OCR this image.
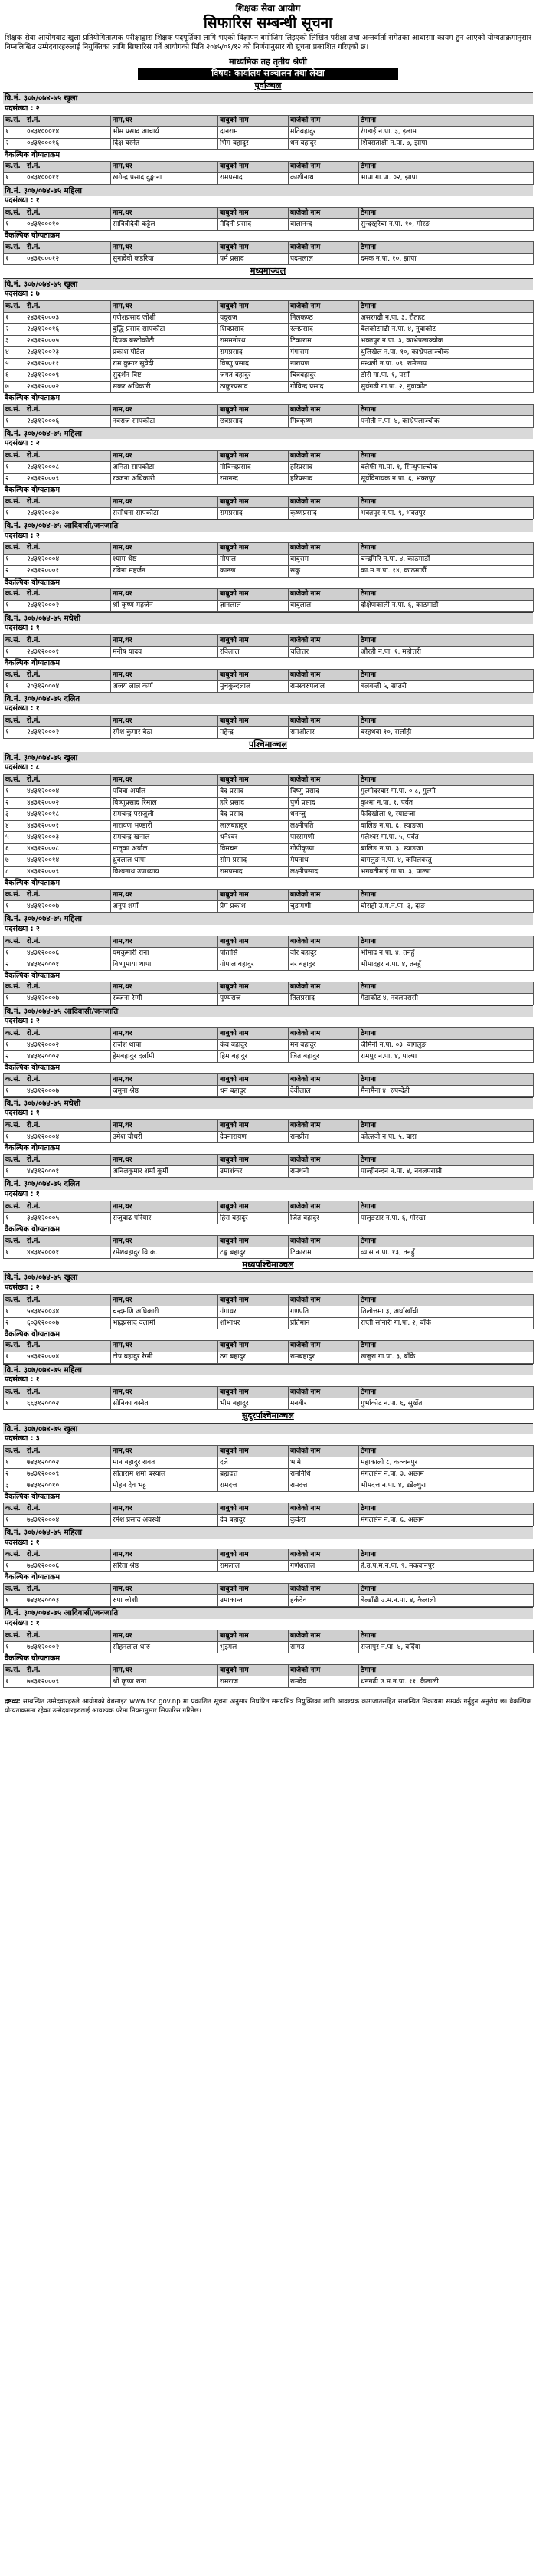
शिक्षक सेवा आयोग
सिफारिस सम्बन्धी सूचना
शिक्षक सेवा आयोगबाट खुला प्रतियोगितात्मक परीक्षाद्वारा शिक्षक पदपूर्तिका लागि भएको विज्ञापन बमोजिम लिइएको लिखित परीक्षा तथा अन्तर्वार्ता समेतका आधारमा कायम हुन आएको योग्यताक्रमानुसार निम्नलिखित उम्मेदवारहरुलाई नियुक्तिका लागि सिफारिस गर्ने आयोगको मिति २०७५/०१/१२ को निर्णयानुसार यो सूचना प्रकाशित गरिएको छ।
माध्यमिक तह तृतीय श्रेणी
विषय: कार्यालय सञ्चालन तथा लेखा
पूर्वाञ्चल
वि.नं. ३०७/०७४-७५ खुला
पदसंख्या : २
क.सं.	रो.नं.	नाम,थर	बाबुको नाम	बाजेको नाम	ठेगाना
१	०४३१०००१४	भीम प्रसाद आचार्य	दानराम	मतिबहादुर	रंगडाई न.पा. ३, इलाम
२	०४३१०००१६	दिक्ष बस्नेत	भिम बहादुर	धन बहादुर	शिवसताक्षी न.पा. ७, झापा
वैकल्पिक योग्यताक्रम
क.सं.	रो.नं.	नाम,थर	बाबुको नाम	बाजेको नाम	ठेगाना
१	०४३१०००११	खगेन्द्र प्रसाद दुङ्गाना	रामप्रसाद	काशीनाथ	भापा गा.पा. ०२, झापा
वि.नं. ३०७/०७४-७५ महिला
पदसंख्या : १
क.सं.	रो.नं.	नाम,थर	बाबुको नाम	बाजेको नाम	ठेगाना
१	०४३१०००१०	सावित्रीदेवी कट्टेल	मेदिनी प्रसाद	बालानन्द	सुन्दरहरैचा न.पा. १०, मोरङ
वैकल्पिक योग्यताक्रम
क.सं.	रो.नं.	नाम,थर	बाबुको नाम	बाजेको नाम	ठेगाना
१	०४३१०००१२	सुनादेवी कडरिया	पर्म प्रसाद	पदमलाल	दमक न.पा. १०, झापा
मध्यमाञ्चल
वि.नं. ३०७/०७४-७५ खुला
पदसंख्या : ७
क.सं.	रो.नं.	नाम,थर	बाबुको नाम	बाजेको नाम	ठेगाना
१	२४३१२०००३	गणेशप्रसाद जोशी	यदुराज	निलकण्ठ	असरगढी न.पा. ३, रौतहट
२	२४३१२००१६	बुद्धि प्रसाद सापकोटा	शिवप्रसाद	रत्नप्रसाद	बेलकोटगढी न.पा. ४, नुवाकोट
३	२४३१२०००५	दिपक बस्तोकोटी	राममनोरथ	टिकाराम	भक्तपुर न.पा. ३, काभ्रेपलाञ्चोक
४	२४३१२००२३	प्रकाश पौडेल	रामप्रसाद	गंगाराम	धुलिखेल न.पा. १०, काभ्रेपलाञ्चोक
५	२४३१२००११	राम कुमार सुवेदी	विष्णु प्रसाद	नारायण	मन्थली न.पा. ०९, रामेछाप
६	२४३१२०००९	सुदर्शन विष्ट	जगत बहादुर	चित्रबहादुर	ठोरी गा.पा. १, पर्सा
७	२४३१२०००२	सकर अधिकारी	ठाकुरप्रसाद	गोविन्द प्रसाद	सुर्यगढी गा.पा. २, नुवाकोट
वैकल्पिक योग्यताक्रम
क.सं.	रो.नं.	नाम,थर	बाबुको नाम	बाजेको नाम	ठेगाना
१	२४३१२०००६	नवराज सापकोटा	छत्रप्रसाद	मित्रकृष्ण	पनौती न.पा. ४, काभ्रेपलाञ्चोक
वि.नं. ३०७/०७४-७५ महिला
पदसंख्या : २
क.सं.	रो.नं.	नाम,थर	बाबुको नाम	बाजेको नाम	ठेगाना
१	२४३१२०००८	अनिता सापकोटा	गोविन्दप्रसाद	हरिप्रसाद	बलेफी गा.पा. १, सिन्धुपाल्चोक
२	२४३१२०००९	रञ्जना अधिकारी	रमानन्द	हरिप्रसाद	सूर्यविनायक न.पा. ६, भक्तपुर
वैकल्पिक योग्यताक्रम
क.सं.	रो.नं.	नाम,थर	बाबुको नाम	बाजेको नाम	ठेगाना
१	२४३१२००३०	ससोधना सापकोटा	रामप्रसाद	कृष्णप्रसाद	भक्तपुर न.पा. ९, भक्तपुर
वि.नं. ३०७/०७४-७५ आदिवासी/जनजाति
पदसंख्या : २
क.सं.	रो.नं.	नाम,थर	बाबुको नाम	बाजेको नाम	ठेगाना
१	२४३१२०००४	श्याम श्रेष्ठ	गोपाल	बाबुराम	चन्द्रगिरि न.पा. ४, काठमाडौं
२	२४३१२०००१	रविना महर्जन	कान्छा	सकु	का.म.न.पा. १४, काठमाडौं
वैकल्पिक योग्यताक्रम
क.सं.	रो.नं.	नाम,थर	बाबुको नाम	बाजेको नाम	ठेगाना
१	२४३१२०००२	श्री कृष्ण महर्जन	ज्ञानलाल	बाबुलाल	दक्षिणकाली न.पा. ६, काठमाडौं
वि.नं. ३०७/०७४-७५ मधेशी
पदसंख्या : १
क.सं.	रो.नं.	नाम,थर	बाबुको नाम	बाजेको नाम	ठेगाना
१	२४३१२०००१	मनीष यादव	रविलाल	चलित्तर	औरही न.पा. १, महोत्तरी
वैकल्पिक योग्यताक्रम
क.सं.	रो.नं.	नाम,थर	बाबुको नाम	बाजेको नाम	ठेगाना
१	२०३१२०००४	अजय लाल कर्ण	मुचकुन्दलाल	रामस्वरुपलाल	बलबन्ती ५, सप्तरी
वि.नं. ३०७/०७४-७५ दलित
पदसंख्या : १
क.सं.	रो.नं.	नाम,थर	बाबुको नाम	बाजेको नाम	ठेगाना
१	२४३१२०००२	रमेश कुमार बैठा	महेन्द्र	रामऔतार	बरहथवा १०, सर्लाही
पश्चिमाञ्चल
वि.नं. ३०७/०७४-७५ खुला
पदसंख्या : ८
क.सं.	रो.नं.	नाम,थर	बाबुको नाम	बाजेको नाम	ठेगाना
१	४४३१२०००४	पवित्रा अर्याल	बेद प्रसाद	विष्णु प्रसाद	गुल्मीदरबार गा.पा. ० ८, गुल्मी
२	४४३१२०००२	विष्णुप्रसाद रिमाल	हरि प्रसाद	पुर्ण प्रसाद	कुश्मा न.पा. १, पर्वत
३	४४३१२००१८	रामचन्द्र पराजुली	वेद प्रसाद	धनन्जु	फेदिखोला १, स्याङजा
४	४४३१२०००१	नारायण भण्डारी	लालबहादुर	लक्ष्मीपति	वालिङ न.पा. ६, स्याङजा
५	४४३१२०००३	रामचन्द्र खनाल	धनेश्वर	पारसमणी	गलेश्वर गा.पा. ५, पर्वत
६	४४३१२०००८	मातृका अर्याल	विमचन	गोपीकृष्ण	बालिङ न.पा. ३, स्याङजा
७	४४३१२००१४	ध्रुवलाल थापा	सोम प्रसाद	मेघनाथ	बागलुङ न.पा. ४, कपिलवस्तु
८	४४३१२०००९	विश्वनाथ उपाध्याय	रामप्रसाद	लक्ष्मीप्रसाद	भगवतीमाई गा.पा. ३, पाल्पा
वैकल्पिक योग्यताक्रम
क.सं.	रो.नं.	नाम,थर	बाबुको नाम	बाजेको नाम	ठेगाना
१	४४३१२०००७	अनुप शर्मा	प्रेम प्रकाश	चुडामणी	घोराही उ.म.न.पा. ३, दाङ
वि.नं. ३०७/०७४-७५ महिला
पदसंख्या : २
क.सं.	रो.नं.	नाम,थर	बाबुको नाम	बाजेको नाम	ठेगाना
१	४४३१२०००६	यमकुमारी राना	पोतासिं	वीर बहादुर	भीमाद न.पा. ४, तनहुँ
२	४४३१२०००१	विष्णुमाया थापा	गोपाल बहादुर	नर बहादुर	भीमादहर न.पा. ४, तनहुँ
वैकल्पिक योग्यताक्रम
क.सं.	रो.नं.	नाम,थर	बाबुको नाम	बाजेको नाम	ठेगाना
१	४४३१२०००७	रञ्जना रेग्मी	पुण्यराज	तिलप्रसाद	गैडाकोट ४, नवलपरासी
वि.नं. ३०७/०७४-७५ आदिवासी/जनजाति
पदसंख्या : २
क.सं.	रो.नं.	नाम,थर	बाबुको नाम	बाजेको नाम	ठेगाना
१	४४३१२०००२	राजेश थापा	कंब बहादुर	मन बहादुर	जैमिनी न.पा. ०३, बागलुङ
२	४४३१२०००२	हेमबहादुर दर्लामी	हिम बहादुर	जित बहादुर	रामपुर न.पा. ४, पाल्पा
वैकल्पिक योग्यताक्रम
क.सं.	रो.नं.	नाम,थर	बाबुको नाम	बाजेको नाम	ठेगाना
१	४४३१२०००७	जमुना श्रेष्ठ	धन बहादुर	देवीलाल	मैनामैना ४, रुपन्देही
वि.नं. ३०७/०७४-७५ मधेशी
पदसंख्या : १
क.सं.	रो.नं.	नाम,थर	बाबुको नाम	बाजेको नाम	ठेगाना
१	४४३१२०००४	उमेश चौधरी	देवनारायण	रामप्रीत	कोल्हवी न.पा. ५, बारा
वैकल्पिक योग्यताक्रम
क.सं.	रो.नं.	नाम,थर	बाबुको नाम	बाजेको नाम	ठेगाना
१	४४३१२०००१	अनिलकुमार शर्मा कुर्मी	उमाशंकर	रामधनी	पाल्हीनन्दन न.पा. ४, नवलपरासी
वि.नं. ३०७/०७४-७५ दलित
पदसंख्या : १
क.सं.	रो.नं.	नाम,थर	बाबुको नाम	बाजेको नाम	ठेगाना
१	३४३१२०००५	राजुवाढ परियार	हिरा बहादुर	जित बहादुर	पालुङटार न.पा. ६, गोरखा
वैकल्पिक योग्यताक्रम
क.सं.	रो.नं.	नाम,थर	बाबुको नाम	बाजेको नाम	ठेगाना
१	४४३१२०००१	रमेशबहादुर वि.क.	टङ्क बहादुर	टिकाराम	व्यास न.पा. १३, तनहुँ
मध्यपश्चिमाञ्चल
वि.नं. ३०७/०७४-७५ खुला
पदसंख्या : २
क.सं.	रो.नं.	नाम,थर	बाबुको नाम	बाजेको नाम	ठेगाना
१	५४३१२००३४	चन्द्रमणि अधिकारी	गंगाधर	गणपति	तिलोत्तमा ३, अर्घाखाँची
२	६०३१२०००७	भाद्रप्रसाद वलामी	शोभाधर	प्रेतिमान	राप्ती सोनारी गा.पा. २, बाँके
वैकल्पिक योग्यताक्रम
क.सं.	रो.नं.	नाम,थर	बाबुको नाम	बाजेको नाम	ठेगाना
१	५४३१२०००४	टोप बहादुर रेग्मी	ठग बहादुर	रामबहादुर	खजुरा गा.पा. ३, बाँके
वि.नं. ३०७/०७४-७५ महिला
पदसंख्या : १
क.सं.	रो.नं.	नाम,थर	बाबुको नाम	बाजेको नाम	ठेगाना
१	६६३१२०००२	सोनिका बस्नेत	भीम बहादुर	मनबीर	गुर्भाकोट न.पा. ६, सुर्खेत
सुदूरपश्चिमाञ्चल
वि.नं. ३०७/०७४-७५ खुला
पदसंख्या : ३
क.सं.	रो.नं.	नाम,थर	बाबुको नाम	बाजेको नाम	ठेगाना
१	७४३१२०००२	मान बहादुर रावत	दले	भामे	महाकाली ८, कञ्चनपुर
२	७४३१२०००९	सीताराम शर्मा बस्याल	ब्रह्मदत्त	रामनिधि	मंगलसेन न.पा. ३, अछाम
३	७४३१२००१०	मोहन देव भट्ट	रामदत्त	रामदत्त	भीमदत्त न.पा. ४, डडेल्धुरा
वैकल्पिक योग्यताक्रम
क.सं.	रो.नं.	नाम,थर	बाबुको नाम	बाजेको नाम	ठेगाना
१	७४३१२०००४	रमेश प्रसाद अवस्थी	देव बहादुर	कुकेरा	मंगलसेन न.पा. ६, अछाम
वि.नं. ३०७/०७४-७५ महिला
पदसंख्या : १
क.सं.	रो.नं.	नाम,थर	बाबुको नाम	बाजेको नाम	ठेगाना
१	७४३१२०००६	सरिता श्रेष्ठ	रामलाल	गणेशलाल	हे.उ.प.म.न.पा. ९, मकवानपुर
वैकल्पिक योग्यताक्रम
क.सं.	रो.नं.	नाम,थर	बाबुको नाम	बाजेको नाम	ठेगाना
१	७४३१२०००३	रुपा जोशी	उमाकान्त	हर्कदेव	बेल्डाँडी उ.म.न.पा. ४, कैलाली
वि.नं. ३०७/०७४-७५ आदिवासी/जनजाति
पदसंख्या : १
क.सं.	रो.नं.	नाम,थर	बाबुको नाम	बाजेको नाम	ठेगाना
१	७४३१२०००२	सोहनलाल थारु	भुइमल	सागउ	राजापुर न.पा. ४, बर्दिया
वैकल्पिक योग्यताक्रम
क.सं.	रो.नं.	नाम,थर	बाबुको नाम	बाजेको नाम	ठेगाना
१	७४३१२०००९	श्री कृष्ण राना	रामराज	रामदेव	धनगढी उ.म.न.पा. ११, कैलाली
द्रष्टव्य: सम्बन्धित उम्मेदवारहरुले आयोगको वेबसाइट www.tsc.gov.np मा प्रकाशित सूचना अनुसार निर्धारित समयभित्र नियुक्तिका लागि आवश्यक कागजातसहित सम्बन्धित निकायमा सम्पर्क गर्नुहुन अनुरोध छ। वैकल्पिक योग्यताक्रममा रहेका उम्मेदवारहरुलाई आवश्यक परेमा नियमानुसार सिफारिस गरिनेछ।
